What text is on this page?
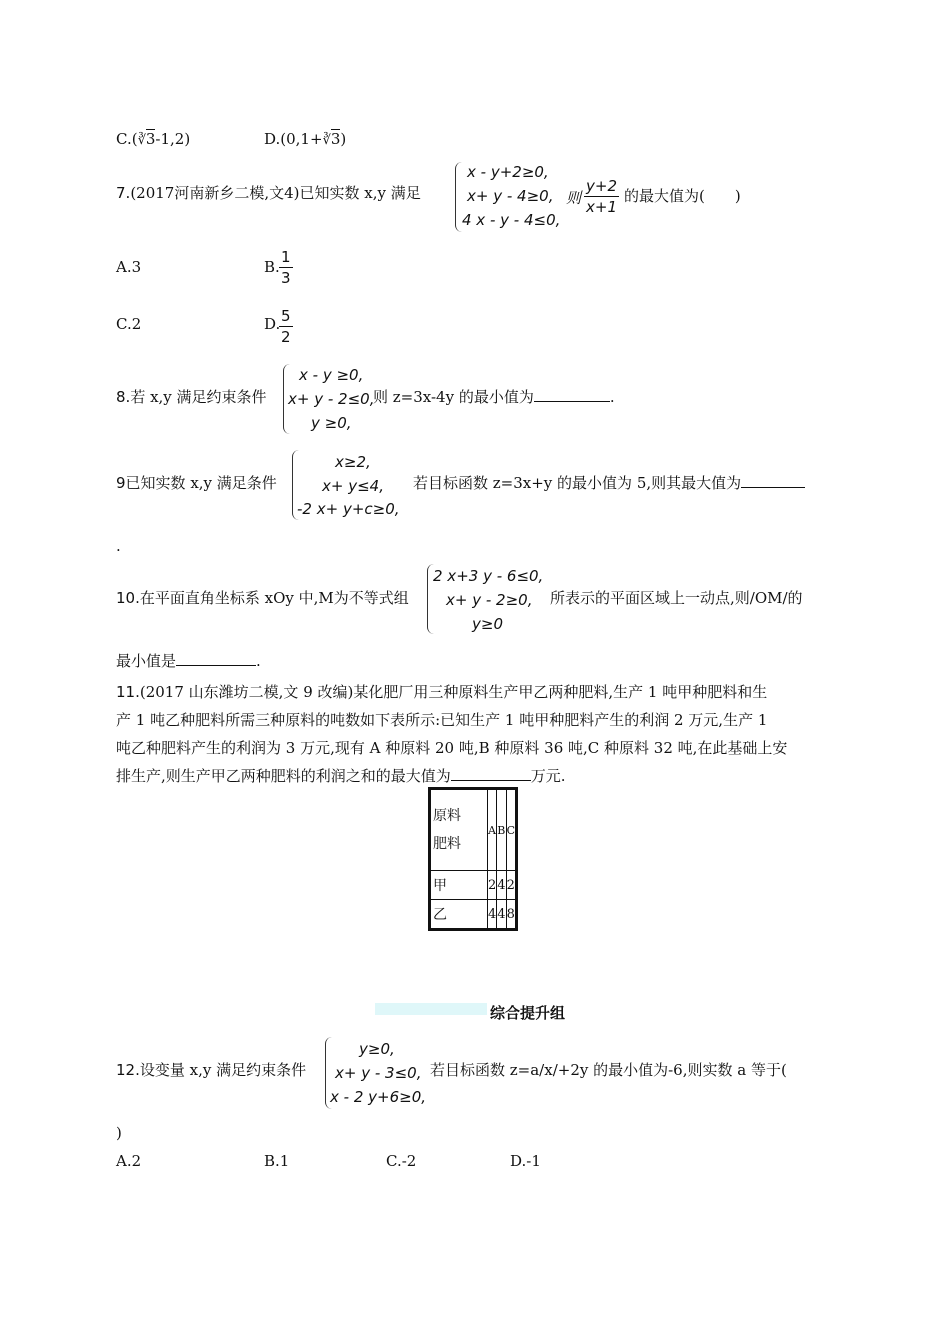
C.(∛3-1,2)	D.(0,1+∛3)
7.(2017河南新乡二模,文4)已知实数 x,y 满足
x - y+2≥0,
x+ y - 4≥0,
4 x - y - 4≤0,
则 $\frac{y+2}{x+1}$ 的最大值为(　　)
A.3	B. $\frac{1}{3}$
C.2	D.
$\frac{5}{2}$
8.若 x,y 满足约束条件
x - y ≥0,
x+ y - 2≤0,
y ≥0,
则 z=3x-4y 的最小值为	.
9已知实数 x,y 满足条件
x≥2,
x+ y≤4,
-2 x+ y+c≥0,
若目标函数 z=3x+y 的最小值为 5,则其最大值为
.
10.在平面直角坐标系 xOy 中,M为不等式组
2 x+3 y - 6≤0,
x+ y - 2≥0,
y≥0
所表示的平面区域上一动点,则/OM/的
最小值是	.
11.(2017 山东潍坊二模,文 9 改编)某化肥厂用三种原料生产甲乙两种肥料,生产 1 吨甲种肥料和生
产 1 吨乙种肥料所需三种原料的吨数如下表所示:已知生产 1 吨甲种肥料产生的利润 2 万元,生产 1
吨乙种肥料产生的利润为 3 万元,现有 A 种原料 20 吨,B 种原料 36 吨,C 种原料 32 吨,在此基础上安
排生产,则生产甲乙两种肥料的利润之和的最大值为	万元.
原料
肥料	A	B	C
甲	2	4	2
乙	4	4	8
综合提升组
12.设变量 x,y 满足约束条件
y≥0,
x+ y - 3≤0,
x - 2 y+6≥0,
若目标函数 z=a/x/+2y 的最小值为-6,则实数 a 等于(
)
A.2	B.1	C.-2	D.-1
